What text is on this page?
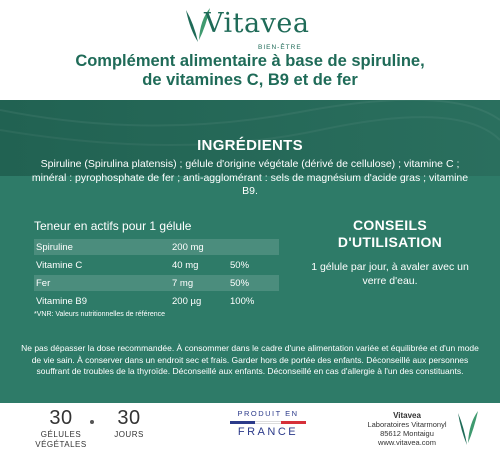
Vitavea
BIEN-ÊTRE
Complément alimentaire à base de spiruline,
de vitamines C, B9 et de fer
INGRÉDIENTS
Spiruline (Spirulina platensis) ; gélule d'origine végétale (dérivé de cellulose) ; vitamine C ; minéral : pyrophosphate de fer ; anti-agglomérant : sels de magnésium d'acide gras ; vitamine B9.
Teneur en actifs pour 1 gélule
Spiruline	200 mg
Vitamine C	40 mg	50%
Fer	7 mg	50%
Vitamine B9	200 µg	100%
*VNR: Valeurs nutritionnelles de référence
CONSEILS
D'UTILISATION
1 gélule par jour, à avaler avec un verre d'eau.
Ne pas dépasser la dose recommandée. À consommer dans le cadre d'une alimentation variée et équilibrée et d'un mode de vie sain. À conserver dans un endroit sec et frais. Garder hors de portée des enfants. Déconseillé aux personnes souffrant de troubles de la thyroïde. Déconseillé aux enfants. Déconseillé en cas d'allergie à l'un des constituants.
30
GÉLULES
VÉGÉTALES
30
JOURS
PRODUIT EN
FRANCE
Vitavea
Laboratoires Vitarmonyl
85612 Montaigu
www.vitavea.com
